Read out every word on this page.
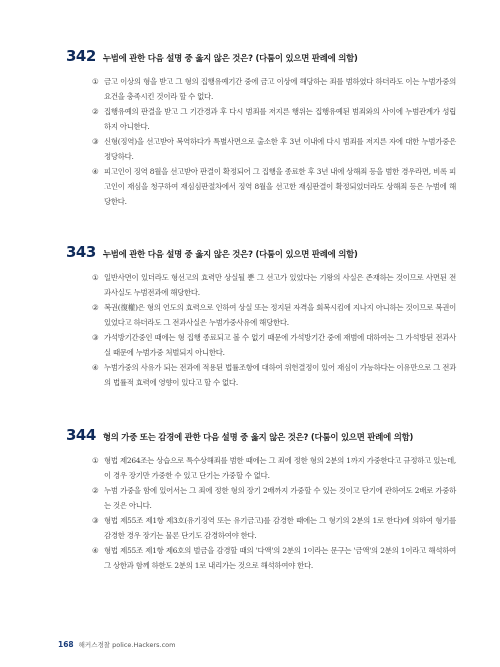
342 누범에 관한 다음 설명 중 옳지 않은 것은? (다툼이 있으면 판례에 의함)
① 금고 이상의 형을 받고 그 형의 집행유예기간 중에 금고 이상에 해당하는 죄를 범하였다 하더라도 이는 누범가중의 요건을 충족시킨 것이라 할 수 없다.
② 집행유예의 판결을 받고 그 기간경과 후 다시 범죄를 저지른 행위는 집행유예된 범죄와의 사이에 누범관계가 성립하지 아니한다.
③ 신형(징역)을 선고받아 복역하다가 특별사면으로 출소한 후 3년 이내에 다시 범죄를 저지른 자에 대한 누범가중은 정당하다.
④ 피고인이 징역 8월을 선고받아 판결이 확정되어 그 집행을 종료한 후 3년 내에 상해죄 등을 범한 경우라면, 비록 피고인이 재심을 청구하여 재심심판절차에서 징역 8월을 선고한 재심판결이 확정되었더라도 상해죄 등은 누범에 해당한다.
343 누범에 관한 다음 설명 중 옳지 않은 것은? (다툼이 있으면 판례에 의함)
① 일반사면이 있더라도 형선고의 효력만 상실될 뿐 그 선고가 있었다는 기왕의 사실은 존재하는 것이므로 사면된 전과사실도 누범전과에 해당한다.
② 복권(復權)은 형의 언도의 효력으로 인하여 상실 또는 정지된 자격을 회복시킴에 지나지 아니하는 것이므로 복권이 있었다고 하더라도 그 전과사실은 누범가중사유에 해당한다.
③ 가석방기간중인 때에는 형 집행 종료되고 볼 수 없기 때문에 가석방기간 중에 재범에 대하여는 그 가석방된 전과사실 때문에 누범가중 처벌되지 아니한다.
④ 누범가중의 사유가 되는 전과에 적용된 법률조항에 대하여 위헌결정이 있어 재심이 가능하다는 이유만으로 그 전과의 법률적 효력에 영향이 있다고 할 수 없다.
344 형의 가중 또는 감경에 관한 다음 설명 중 옳지 않은 것은? (다툼이 있으면 판례에 의함)
① 형법 제264조는 상습으로 특수상해죄를 범한 때에는 그 죄에 정한 형의 2분의 1까지 가중한다고 규정하고 있는데, 이 경우 장기만 가중한 수 있고 단기는 가중할 수 없다.
② 누범 가중을 함에 있어서는 그 죄에 정한 형의 장기 2배까지 가중할 수 있는 것이고 단기에 관하여도 2배로 가중하는 것은 아니다.
③ 형법 제55조 제1항 제3호(유기징역 또는 유기금고)를 감경한 때에는 그 형기의 2분의 1로 한다)에 의하여 형기를 감경한 경우 장기는 물론 단기도 감경하여야 한다.
④ 형법 제55조 제1항 제6호의 벌금을 감경할 때의 '다액'의 2분의 1이라는 문구는 '금액'의 2분의 1이라고 해석하여 그 상한과 함께 하한도 2분의 1로 내리가는 것으로 해석하여야 한다.
168 해커스경찰 police.Hackers.com
